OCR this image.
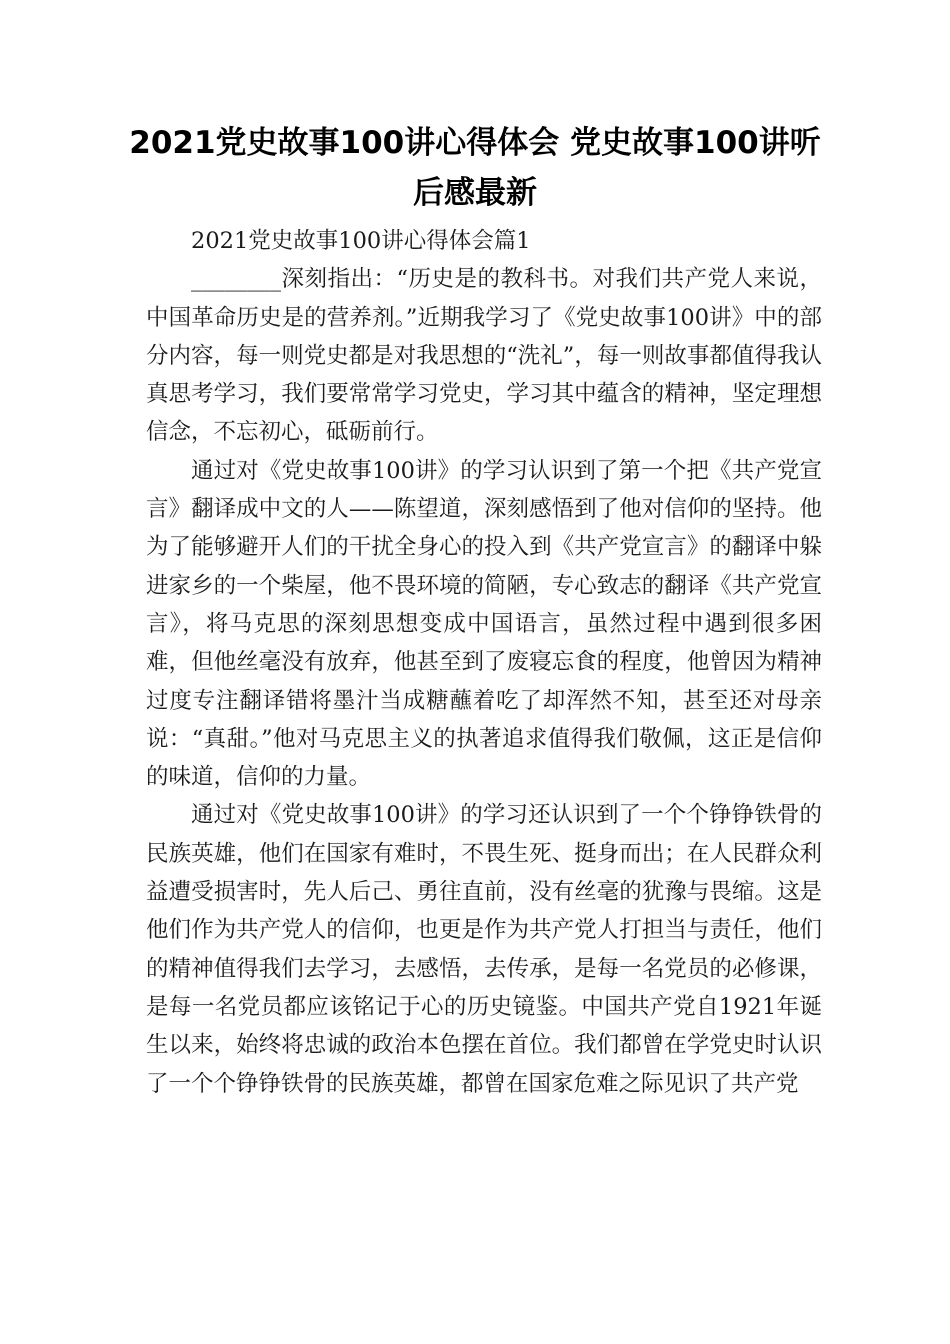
2021党史故事100讲心得体会 党史故事100讲听后感最新

2021党史故事100讲心得体会篇1

________深刻指出：“历史是的教科书。对我们共产党人来说，中国革命历史是的营养剂。”近期我学习了《党史故事100讲》中的部分内容，每一则党史都是对我思想的“洗礼”，每一则故事都值得我认真思考学习，我们要常常学习党史，学习其中蕴含的精神，坚定理想信念，不忘初心，砥砺前行。

通过对《党史故事100讲》的学习认识到了第一个把《共产党宣言》翻译成中文的人——陈望道，深刻感悟到了他对信仰的坚持。他为了能够避开人们的干扰全身心的投入到《共产党宣言》的翻译中躲进家乡的一个柴屋，他不畏环境的简陋，专心致志的翻译《共产党宣言》，将马克思的深刻思想变成中国语言，虽然过程中遇到很多困难，但他丝毫没有放弃，他甚至到了废寝忘食的程度，他曾因为精神过度专注翻译错将墨汁当成糖蘸着吃了却浑然不知，甚至还对母亲说：“真甜。”他对马克思主义的执著追求值得我们敬佩，这正是信仰的味道，信仰的力量。

通过对《党史故事100讲》的学习还认识到了一个个铮铮铁骨的民族英雄，他们在国家有难时，不畏生死、挺身而出；在人民群众利益遭受损害时，先人后己、勇往直前，没有丝毫的犹豫与畏缩。这是他们作为共产党人的信仰，也更是作为共产党人打担当与责任，他们的精神值得我们去学习，去感悟，去传承，是每一名党员的必修课，是每一名党员都应该铭记于心的历史镜鉴。中国共产党自1921年诞生以来，始终将忠诚的政治本色摆在首位。我们都曾在学党史时认识了一个个铮铮铁骨的民族英雄，都曾在国家危难之际见识了共产党
